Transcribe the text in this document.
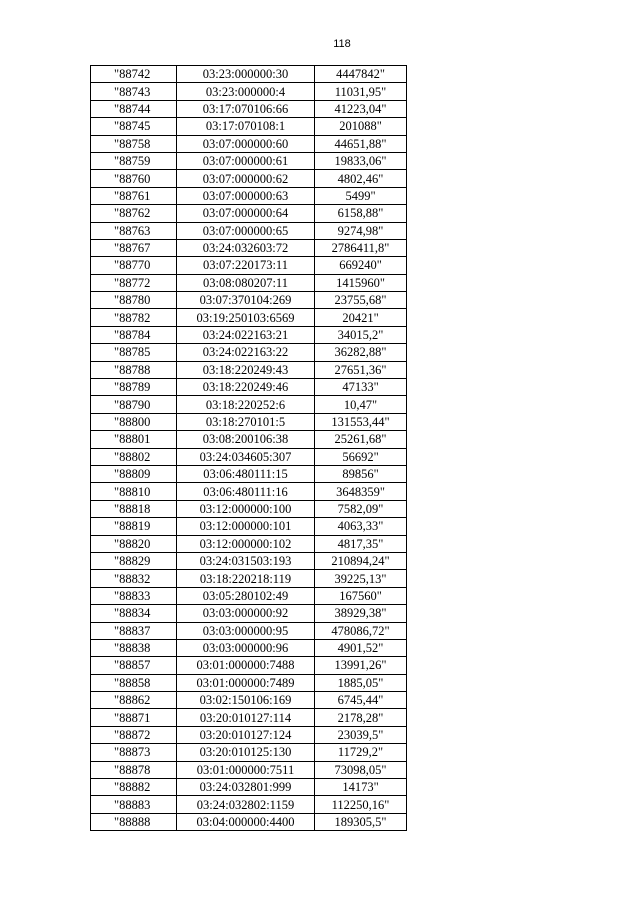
118
"88742	03:23:000000:30	4447842"
"88743	03:23:000000:4	11031,95"
"88744	03:17:070106:66	41223,04"
"88745	03:17:070108:1	201088"
"88758	03:07:000000:60	44651,88"
"88759	03:07:000000:61	19833,06"
"88760	03:07:000000:62	4802,46"
"88761	03:07:000000:63	5499"
"88762	03:07:000000:64	6158,88"
"88763	03:07:000000:65	9274,98"
"88767	03:24:032603:72	2786411,8"
"88770	03:07:220173:11	669240"
"88772	03:08:080207:11	1415960"
"88780	03:07:370104:269	23755,68"
"88782	03:19:250103:6569	20421"
"88784	03:24:022163:21	34015,2"
"88785	03:24:022163:22	36282,88"
"88788	03:18:220249:43	27651,36"
"88789	03:18:220249:46	47133"
"88790	03:18:220252:6	10,47"
"88800	03:18:270101:5	131553,44"
"88801	03:08:200106:38	25261,68"
"88802	03:24:034605:307	56692"
"88809	03:06:480111:15	89856"
"88810	03:06:480111:16	3648359"
"88818	03:12:000000:100	7582,09"
"88819	03:12:000000:101	4063,33"
"88820	03:12:000000:102	4817,35"
"88829	03:24:031503:193	210894,24"
"88832	03:18:220218:119	39225,13"
"88833	03:05:280102:49	167560"
"88834	03:03:000000:92	38929,38"
"88837	03:03:000000:95	478086,72"
"88838	03:03:000000:96	4901,52"
"88857	03:01:000000:7488	13991,26"
"88858	03:01:000000:7489	1885,05"
"88862	03:02:150106:169	6745,44"
"88871	03:20:010127:114	2178,28"
"88872	03:20:010127:124	23039,5"
"88873	03:20:010125:130	11729,2"
"88878	03:01:000000:7511	73098,05"
"88882	03:24:032801:999	14173"
"88883	03:24:032802:1159	112250,16"
"88888	03:04:000000:4400	189305,5"
